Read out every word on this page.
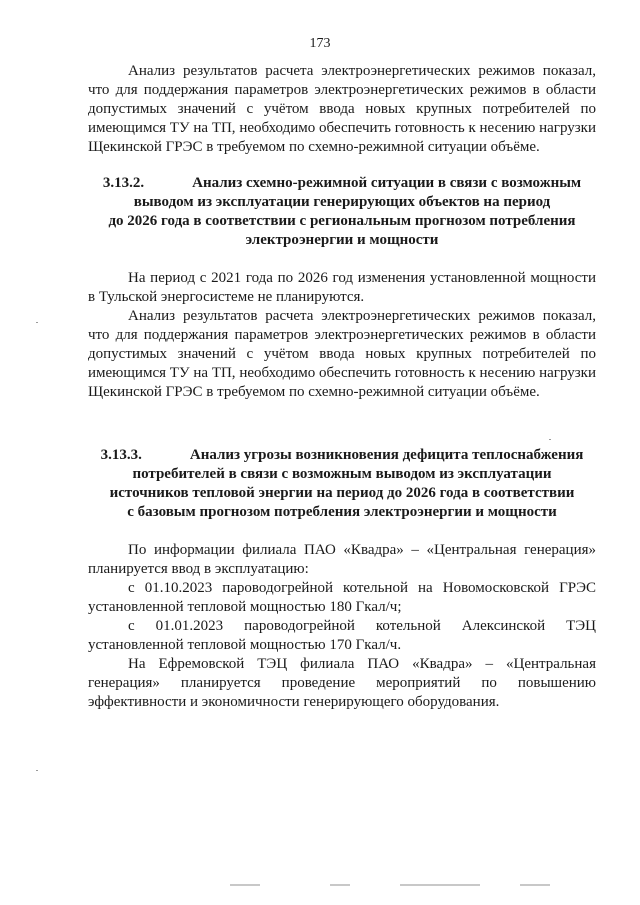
173

Анализ результатов расчета электроэнергетических режимов показал, что для поддержания параметров электроэнергетических режимов в области допустимых значений с учётом ввода новых крупных потребителей по имеющимся ТУ на ТП, необходимо обеспечить готовность к несению нагрузки Щекинской ГРЭС в требуемом по схемно-режимной ситуации объёме.

3.13.2.	Анализ схемно-режимной ситуации в связи с возможным
выводом из эксплуатации генерирующих объектов на период
до 2026 года в соответствии с региональным прогнозом потребления
электроэнергии и мощности

На период с 2021 года по 2026 год изменения установленной мощности в Тульской энергосистеме не планируются.

Анализ результатов расчета электроэнергетических режимов показал, что для поддержания параметров электроэнергетических режимов в области допустимых значений с учётом ввода новых крупных потребителей по имеющимся ТУ на ТП, необходимо обеспечить готовность к несению нагрузки Щекинской ГРЭС в требуемом по схемно-режимной ситуации объёме.

3.13.3.	Анализ угрозы возникновения дефицита теплоснабжения
потребителей в связи с возможным выводом из эксплуатации
источников тепловой энергии на период до 2026 года в соответствии
с базовым прогнозом потребления электроэнергии и мощности

По информации филиала ПАО «Квадра» – «Центральная генерация» планируется ввод в эксплуатацию:

с 01.10.2023 пароводогрейной котельной на Новомосковской ГРЭС установленной тепловой мощностью 180 Гкал/ч;

с 01.01.2023 пароводогрейной котельной Алексинской ТЭЦ установленной тепловой мощностью 170 Гкал/ч.

На Ефремовской ТЭЦ филиала ПАО «Квадра» – «Центральная генерация» планируется проведение мероприятий по повышению эффективности и экономичности генерирующего оборудования.
